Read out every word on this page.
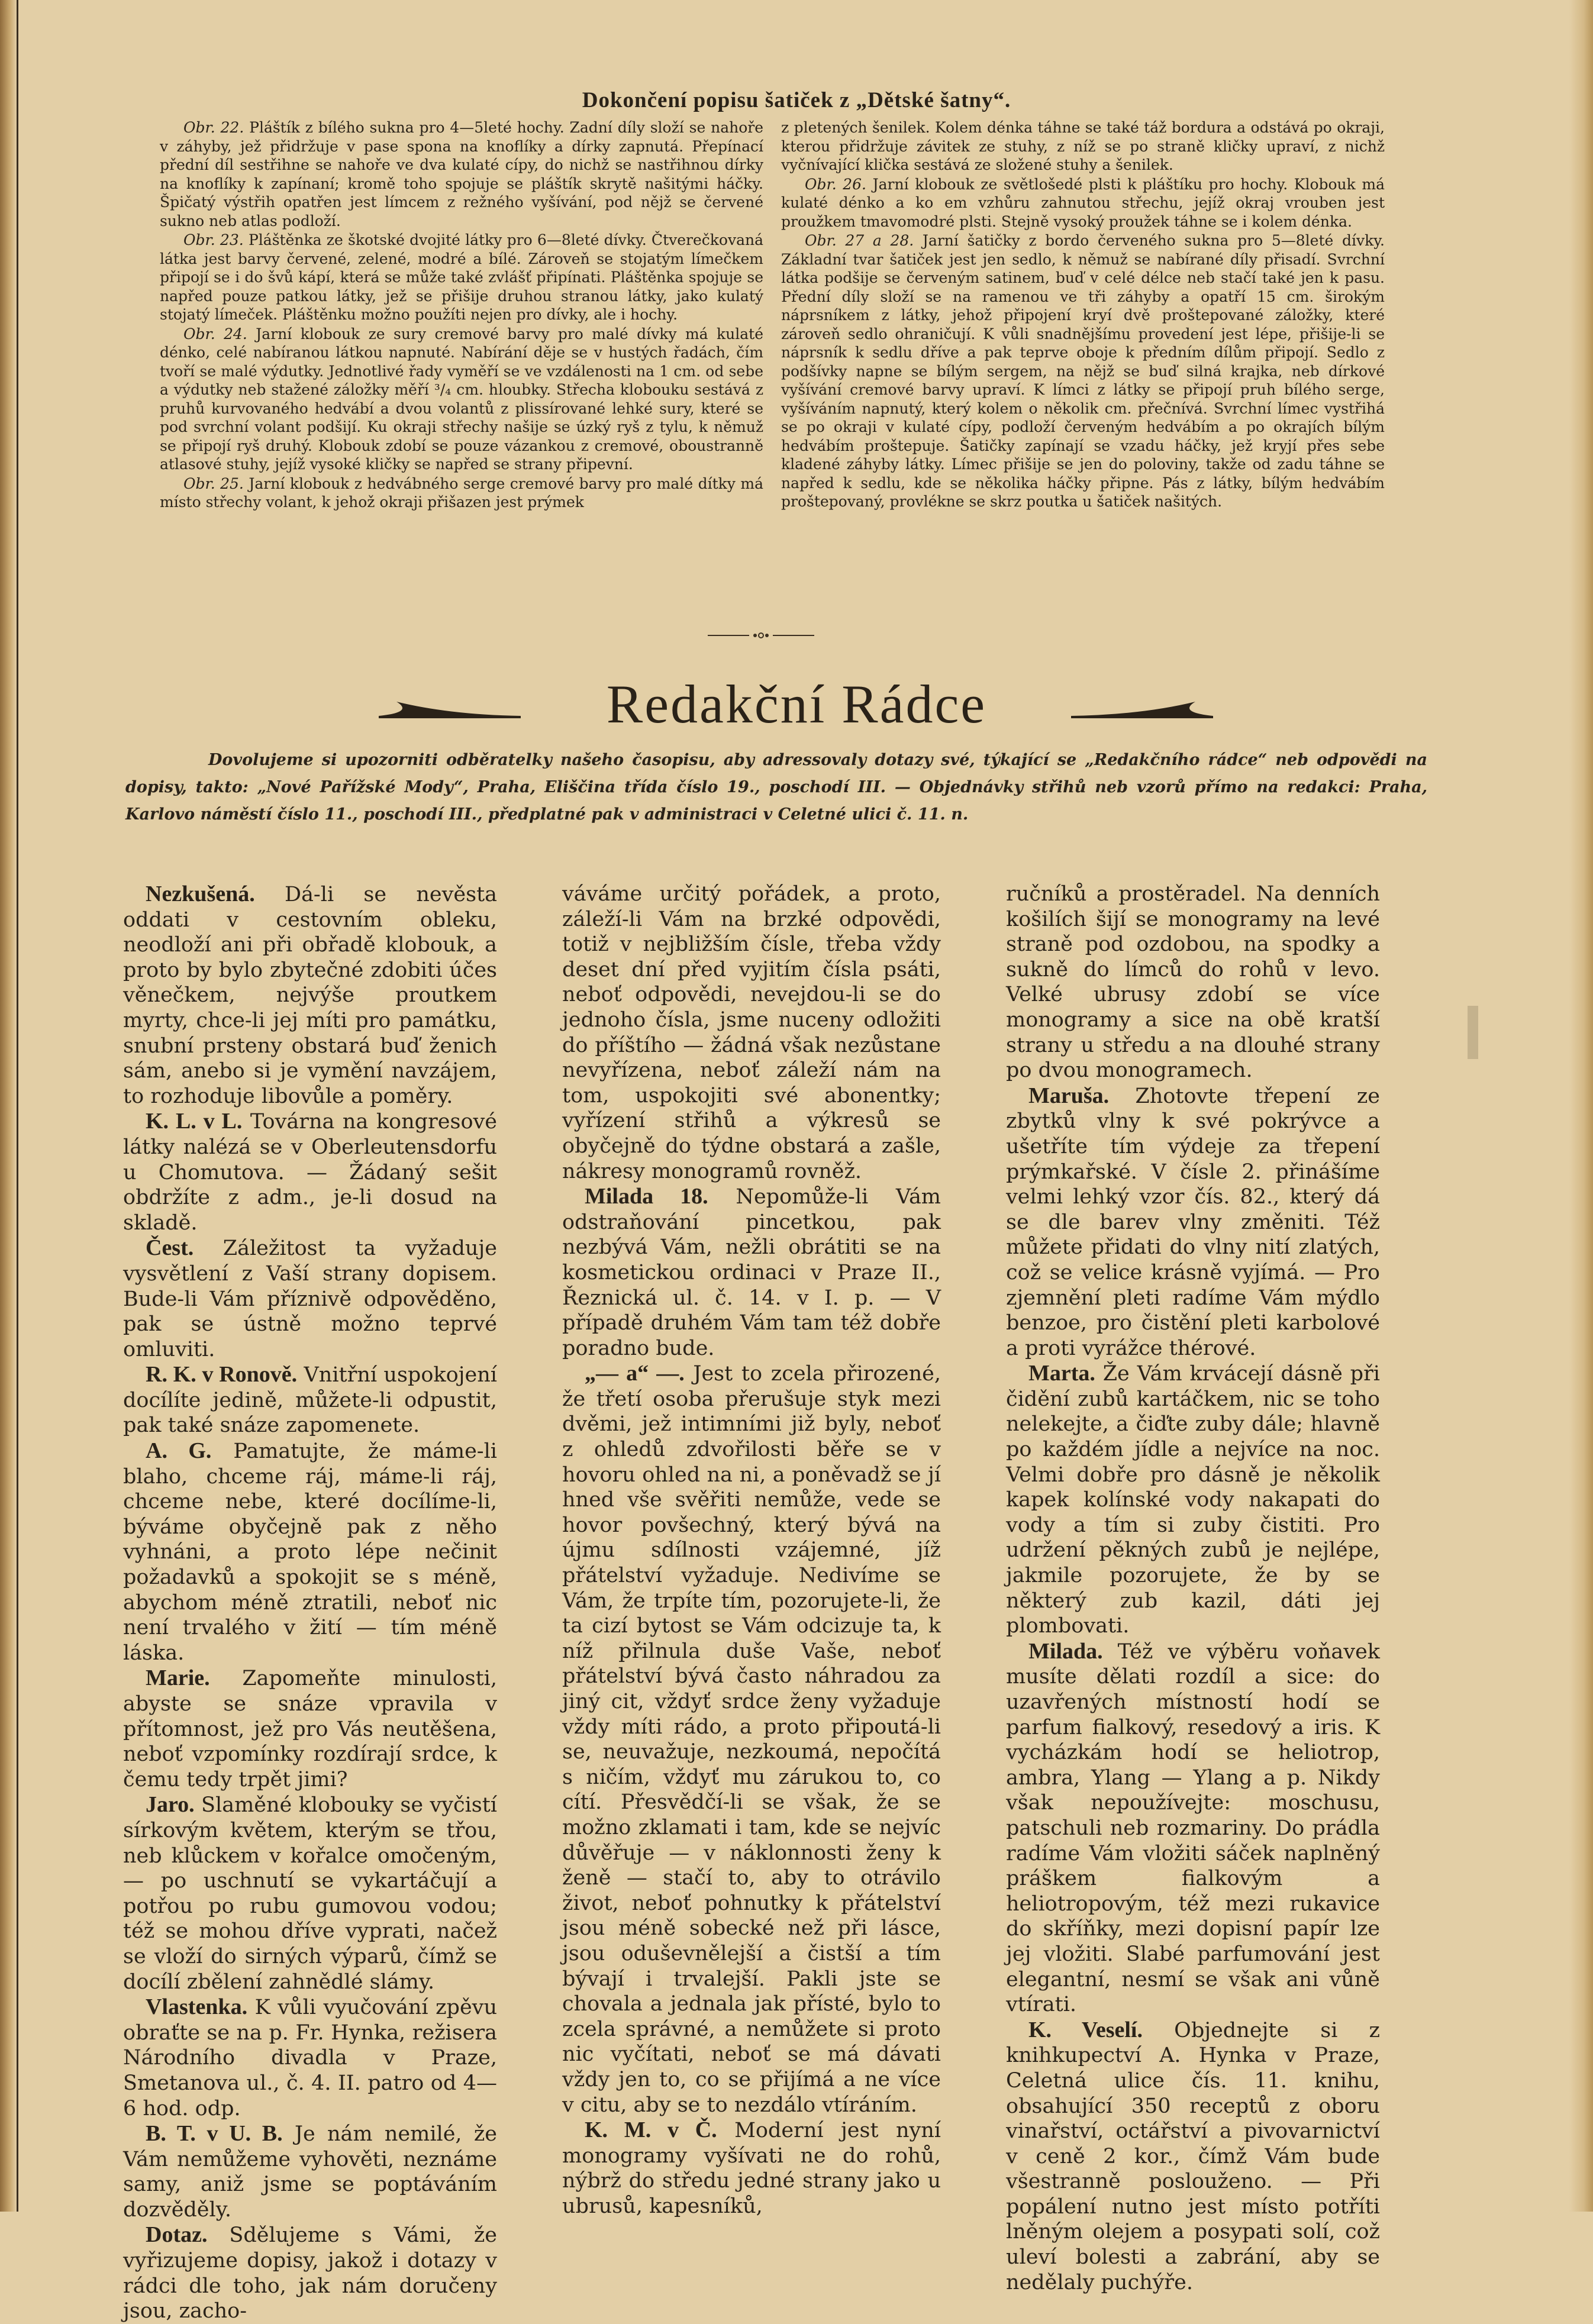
Dokončení popisu šatiček z „Dětské šatny“.

Obr. 22. Pláštík z bílého sukna pro 4—5leté hochy. Zadní díly složí se nahoře v záhyby, jež přidržuje v pase spona na knoflíky a dírky zapnutá. Přepínací přední díl sestřihne se nahoře ve dva kulaté cípy, do nichž se nastřihnou dírky na knoflíky k zapínaní; kromě toho spojuje se pláštík skrytě našitými háčky. Špičatý výstřih opatřen jest límcem z režného vyšívání, pod nějž se červené sukno neb atlas podloží.

Obr. 23. Pláštěnka ze škotské dvojité látky pro 6—8leté dívky. Čtverečkovaná látka jest barvy červené, zelené, modré a bílé. Zároveň se stojatým límečkem připojí se i do švů kápí, která se může také zvlášť připínati. Pláštěnka spojuje se napřed pouze patkou látky, jež se přišije druhou stranou látky, jako kulatý stojatý límeček. Pláštěnku možno použíti nejen pro dívky, ale i hochy.

Obr. 24. Jarní klobouk ze sury cremové barvy pro malé dívky má kulaté dénko, celé nabíranou látkou napnuté. Nabírání děje se v hustých řadách, čím tvoří se malé výdutky. Jednotlivé řady vyměří se ve vzdálenosti na 1 cm. od sebe a výdutky neb stažené záložky měří ³/₄ cm. hloubky. Střecha klobouku sestává z pruhů kurvovaného hedvábí a dvou volantů z plissírované lehké sury, které se pod svrchní volant podšijí. Ku okraji střechy našije se úzký ryš z tylu, k němuž se připojí ryš druhý. Klobouk zdobí se pouze vázankou z cremové, oboustranně atlasové stuhy, jejíž vysoké kličky se napřed se strany připevní.

Obr. 25. Jarní klobouk z hedvábného serge cremové barvy pro malé dítky má místo střechy volant, k jehož okraji přišazen jest prýmek

z pletených šenilek. Kolem dénka táhne se také táž bordura a odstává po okraji, kterou přidržuje závitek ze stuhy, z níž se po straně kličky upraví, z nichž vyčnívající klička sestává ze složené stuhy a šenilek.

Obr. 26. Jarní klobouk ze světlošedé plsti k pláštíku pro hochy. Klobouk má kulaté dénko a ko em vzhůru zahnutou střechu, jejíž okraj vrouben jest proužkem tmavomodré plsti. Stejně vysoký proužek táhne se i kolem dénka.

Obr. 27 a 28. Jarní šatičky z bordo červeného sukna pro 5—8leté dívky. Základní tvar šatiček jest jen sedlo, k němuž se nabírané díly přisadí. Svrchní látka podšije se červeným satinem, buď v celé délce neb stačí také jen k pasu. Přední díly složí se na ramenou ve tři záhyby a opatří 15 cm. širokým náprsníkem z látky, jehož připojení kryí dvě proštepované záložky, které zároveň sedlo ohraničují. K vůli snadnějšímu provedení jest lépe, přišije-li se náprsník k sedlu dříve a pak teprve oboje k předním dílům připojí. Sedlo z podšívky napne se bílým sergem, na nějž se buď silná krajka, neb dírkové vyšívání cremové barvy upraví. K límci z látky se připojí pruh bílého serge, vyšíváním napnutý, který kolem o několik cm. přečnívá. Svrchní límec vystřihá se po okraji v kulaté cípy, podloží červeným hedvábím a po okrajích bílým hedvábím proštepuje. Šatičky zapínají se vzadu háčky, jež kryjí přes sebe kladené záhyby látky. Límec přišije se jen do poloviny, takže od zadu táhne se napřed k sedlu, kde se několika háčky připne. Pás z látky, bílým hedvábím proštepovaný, provlékne se skrz poutka u šatiček našitých.

Redakční Rádce
Dovolujeme si upozorniti odběratelky našeho časopisu, aby adressovaly dotazy své, týkající se „Redakčního rádce“ neb odpovědi na dopisy, takto: „Nové Pařížské Mody“, Praha, Eliščina třída číslo 19., poschodí III. — Objednávky střihů neb vzorů přímo na redakci: Praha, Karlovo náměstí číslo 11., poschodí III., předplatné pak v administraci v Celetné ulici č. 11. n.

Nezkušená. Dá-li se nevěsta oddati v cestovním obleku, neodloží ani při obřadě klobouk, a proto by bylo zbytečné zdobiti účes věnečkem, nejvýše proutkem myrty, chce-li jej míti pro památku, snubní prsteny obstará buď ženich sám, anebo si je vymění navzájem, to rozhoduje libovůle a poměry.

K. L. v L. Továrna na kongresové látky nalézá se v Oberleutensdorfu u Chomutova. — Žádaný sešit obdržíte z adm., je-li dosud na skladě.

Čest. Záležitost ta vyžaduje vysvětlení z Vaší strany dopisem. Bude-li Vám příznivě odpověděno, pak se ústně možno teprvé omluviti.

R. K. v Ronově. Vnitřní uspokojení docílíte jedině, můžete-li odpustit, pak také snáze zapomenete.

A. G. Pamatujte, že máme-li blaho, chceme ráj, máme-li ráj, chceme nebe, které docílíme-li, býváme obyčejně pak z něho vyhnáni, a proto lépe nečinit požadavků a spokojit se s méně, abychom méně ztratili, neboť nic není trvalého v žití — tím méně láska.

Marie. Zapomeňte minulosti, abyste se snáze vpravila v přítomnost, jež pro Vás neutěšena, neboť vzpomínky rozdírají srdce, k čemu tedy trpět jimi?

Jaro. Slaměné klobouky se vyčistí sírkovým květem, kterým se třou, neb klůckem v kořalce omočeným, — po uschnutí se vykartáčují a potřou po rubu gumovou vodou; též se mohou dříve vyprati, načež se vloží do sirných výparů, čímž se docílí zbělení zahnědlé slámy.

Vlastenka. K vůli vyučování zpěvu obraťte se na p. Fr. Hynka, režisera Národního divadla v Praze, Smetanova ul., č. 4. II. patro od 4—6 hod. odp.

B. T. v U. B. Je nám nemilé, že Vám nemůžeme vyhověti, neznáme samy, aniž jsme se poptáváním dozvěděly.

Dotaz. Sdělujeme s Vámi, že vyřizujeme dopisy, jakož i dotazy v rádci dle toho, jak nám doručeny jsou, zacho-

váváme určitý pořádek, a proto, záleží-li Vám na brzké odpovědi, totiž v nejbližším čísle, třeba vždy deset dní před vyjitím čísla psáti, neboť odpovědi, nevejdou-li se do jednoho čísla, jsme nuceny odložiti do příštího — žádná však nezůstane nevyřízena, neboť záleží nám na tom, uspokojiti své abonentky; vyřízení střihů a výkresů se obyčejně do týdne obstará a zašle, nákresy monogramů rovněž.

Milada 18. Nepomůže-li Vám odstraňování pincetkou, pak nezbývá Vám, nežli obrátiti se na kosmetickou ordinaci v Praze II., Řeznická ul. č. 14. v I. p. — V případě druhém Vám tam též dobře poradno bude.

„— a“ —. Jest to zcela přirozené, že třetí osoba přerušuje styk mezi dvěmi, jež intimními již byly, neboť z ohledů zdvořilosti běře se v hovoru ohled na ni, a poněvadž se jí hned vše svěřiti nemůže, vede se hovor povšechný, který bývá na újmu sdílnosti vzájemné, jíž přátelství vyžaduje. Nedivíme se Vám, že trpíte tím, pozorujete-li, že ta cizí bytost se Vám odcizuje ta, k níž přilnula duše Vaše, neboť přátelství bývá často náhradou za jiný cit, vždyť srdce ženy vyžaduje vždy míti rádo, a proto připoutá-li se, neuvažuje, nezkoumá, nepočítá s ničím, vždyť mu zárukou to, co cítí. Přesvědčí-li se však, že se možno zklamati i tam, kde se nejvíc důvěřuje — v náklonnosti ženy k ženě — stačí to, aby to otrávilo život, neboť pohnutky k přátelství jsou méně sobecké než při lásce, jsou oduševnělejší a čistší a tím bývají i trvalejší. Pakli jste se chovala a jednala jak přísté, bylo to zcela správné, a nemůžete si proto nic vyčítati, neboť se má dávati vždy jen to, co se přijímá a ne více v citu, aby se to nezdálo vtíráním.

K. M. v Č. Moderní jest nyní monogramy vyšívati ne do rohů, nýbrž do středu jedné strany jako u ubrusů, kapesníků,

ručníků a prostěradel. Na denních košilích šijí se monogramy na levé straně pod ozdobou, na spodky a sukně do límců do rohů v levo. Velké ubrusy zdobí se více monogramy a sice na obě kratší strany u středu a na dlouhé strany po dvou monogramech.

Maruša. Zhotovte třepení ze zbytků vlny k své pokrývce a ušetříte tím výdeje za třepení prýmkařské. V čísle 2. přinášíme velmi lehký vzor čís. 82., který dá se dle barev vlny změniti. Též můžete přidati do vlny nití zlatých, což se velice krásně vyjímá. — Pro zjemnění pleti radíme Vám mýdlo benzoe, pro čistění pleti karbolové a proti vyrážce thérové.

Marta. Že Vám krvácejí dásně při čidění zubů kartáčkem, nic se toho nelekejte, a čiďte zuby dále; hlavně po každém jídle a nejvíce na noc. Velmi dobře pro dásně je několik kapek kolínské vody nakapati do vody a tím si zuby čistiti. Pro udržení pěkných zubů je nejlépe, jakmile pozorujete, že by se některý zub kazil, dáti jej plombovati.

Milada. Též ve výběru voňavek musíte dělati rozdíl a sice: do uzavřených místností hodí se parfum fialkový, resedový a iris. K vycházkám hodí se heliotrop, ambra, Ylang — Ylang a p. Nikdy však nepoužívejte: moschusu, patschuli neb rozmariny. Do prádla radíme Vám vložiti sáček naplněný práškem fialkovým a heliotropovým, též mezi rukavice do skříňky, mezi dopisní papír lze jej vložiti. Slabé parfumování jest elegantní, nesmí se však ani vůně vtírati.

K. Veselí. Objednejte si z knihkupectví A. Hynka v Praze, Celetná ulice čís. 11. knihu, obsahující 350 receptů z oboru vinařství, octářství a pivovarnictví v ceně 2 kor., čímž Vám bude všestranně poslouženo. — Při popálení nutno jest místo potříti lněným olejem a posypati solí, což uleví bolesti a zabrání, aby se nedělaly puchýře.
